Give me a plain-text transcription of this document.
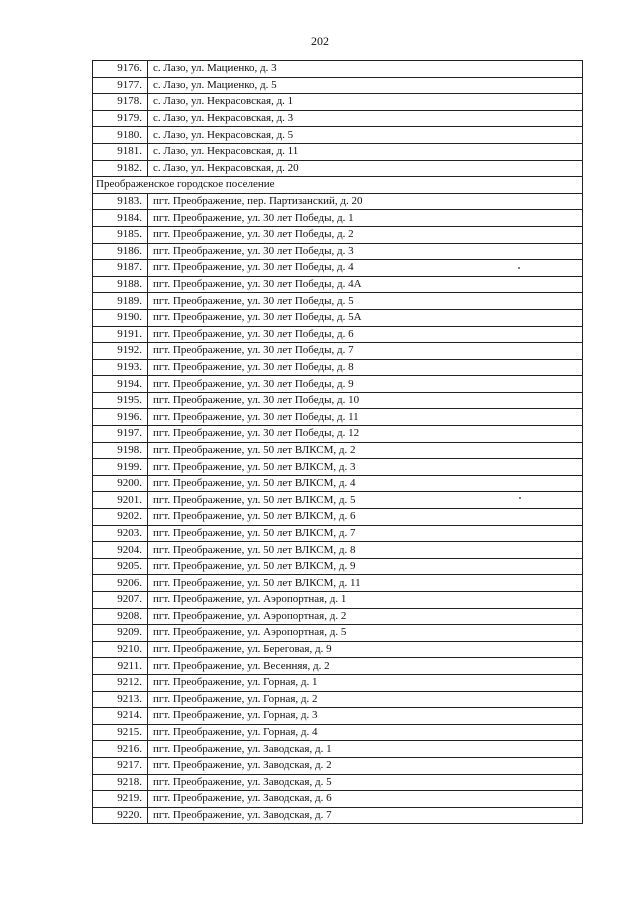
202
9176.	с. Лазо, ул. Мациенко, д. 3
9177.	с. Лазо, ул. Мациенко, д. 5
9178.	с. Лазо, ул. Некрасовская, д. 1
9179.	с. Лазо, ул. Некрасовская, д. 3
9180.	с. Лазо, ул. Некрасовская, д. 5
9181.	с. Лазо, ул. Некрасовская, д. 11
9182.	с. Лазо, ул. Некрасовская, д. 20
Преображенское городское поселение	
9183.	пгт. Преображение, пер. Партизанский, д. 20
9184.	пгт. Преображение, ул. 30 лет Победы, д. 1
9185.	пгт. Преображение, ул. 30 лет Победы, д. 2
9186.	пгт. Преображение, ул. 30 лет Победы, д. 3
9187.	пгт. Преображение, ул. 30 лет Победы, д. 4
9188.	пгт. Преображение, ул. 30 лет Победы, д. 4А
9189.	пгт. Преображение, ул. 30 лет Победы, д. 5
9190.	пгт. Преображение, ул. 30 лет Победы, д. 5А
9191.	пгт. Преображение, ул. 30 лет Победы, д. 6
9192.	пгт. Преображение, ул. 30 лет Победы, д. 7
9193.	пгт. Преображение, ул. 30 лет Победы, д. 8
9194.	пгт. Преображение, ул. 30 лет Победы, д. 9
9195.	пгт. Преображение, ул. 30 лет Победы, д. 10
9196.	пгт. Преображение, ул. 30 лет Победы, д. 11
9197.	пгт. Преображение, ул. 30 лет Победы, д. 12
9198.	пгт. Преображение, ул. 50 лет ВЛКСМ, д. 2
9199.	пгт. Преображение, ул. 50 лет ВЛКСМ, д. 3
9200.	пгт. Преображение, ул. 50 лет ВЛКСМ, д. 4
9201.	пгт. Преображение, ул. 50 лет ВЛКСМ, д. 5
9202.	пгт. Преображение, ул. 50 лет ВЛКСМ, д. 6
9203.	пгт. Преображение, ул. 50 лет ВЛКСМ, д. 7
9204.	пгт. Преображение, ул. 50 лет ВЛКСМ, д. 8
9205.	пгт. Преображение, ул. 50 лет ВЛКСМ, д. 9
9206.	пгт. Преображение, ул. 50 лет ВЛКСМ, д. 11
9207.	пгт. Преображение, ул. Аэропортная, д. 1
9208.	пгт. Преображение, ул. Аэропортная, д. 2
9209.	пгт. Преображение, ул. Аэропортная, д. 5
9210.	пгт. Преображение, ул. Береговая, д. 9
9211.	пгт. Преображение, ул. Весенняя, д. 2
9212.	пгт. Преображение, ул. Горная, д. 1
9213.	пгт. Преображение, ул. Горная, д. 2
9214.	пгт. Преображение, ул. Горная, д. 3
9215.	пгт. Преображение, ул. Горная, д. 4
9216.	пгт. Преображение, ул. Заводская, д. 1
9217.	пгт. Преображение, ул. Заводская, д. 2
9218.	пгт. Преображение, ул. Заводская, д. 5
9219.	пгт. Преображение, ул. Заводская, д. 6
9220.	пгт. Преображение, ул. Заводская, д. 7
